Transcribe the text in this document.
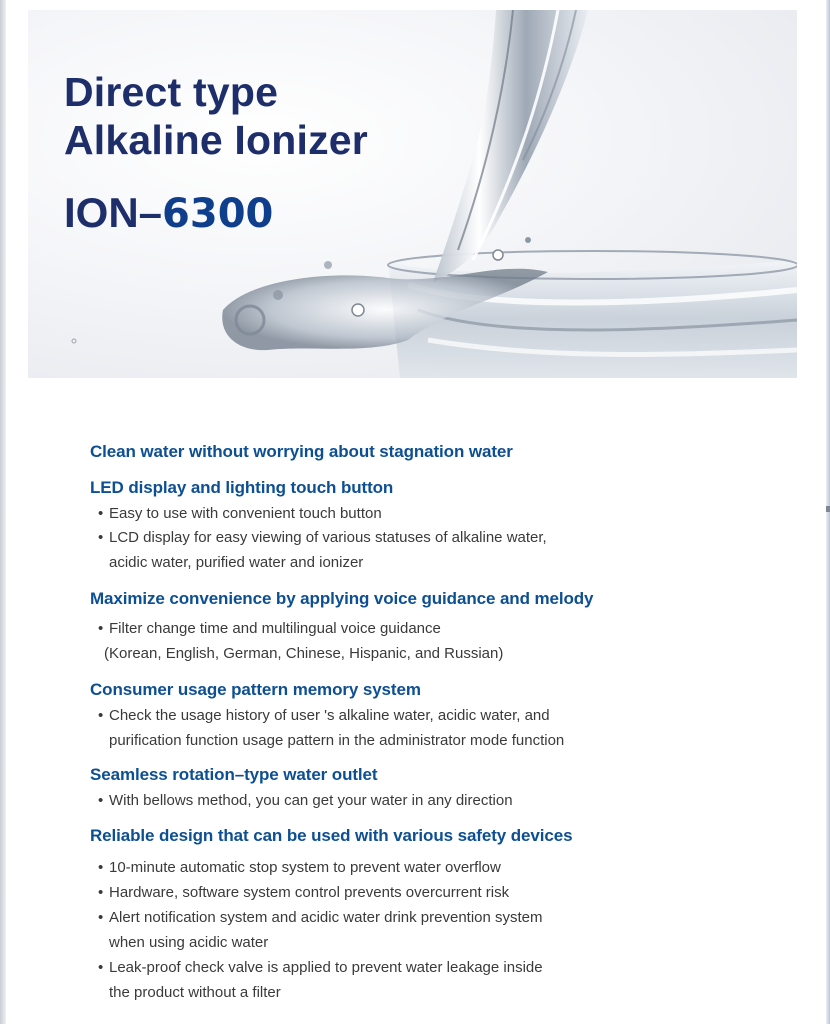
Direct type
Alkaline Ionizer

ION–6300

Clean water without worrying about stagnation water
LED display and lighting touch button
• Easy to use with convenient touch button
• LCD display for easy viewing of various statuses of alkaline water,
acidic water, purified water and ionizer
Maximize convenience by applying voice guidance and melody
• Filter change time and multilingual voice guidance
(Korean, English, German, Chinese, Hispanic, and Russian)
Consumer usage pattern memory system
• Check the usage history of user 's alkaline water, acidic water, and
purification function usage pattern in the administrator mode function
Seamless rotation–type water outlet
• With bellows method, you can get your water in any direction
Reliable design that can be used with various safety devices
• 10-minute automatic stop system to prevent water overflow
• Hardware, software system control prevents overcurrent risk
• Alert notification system and acidic water drink prevention system
when using acidic water
• Leak-proof check valve is applied to prevent water leakage inside
the product without a filter
